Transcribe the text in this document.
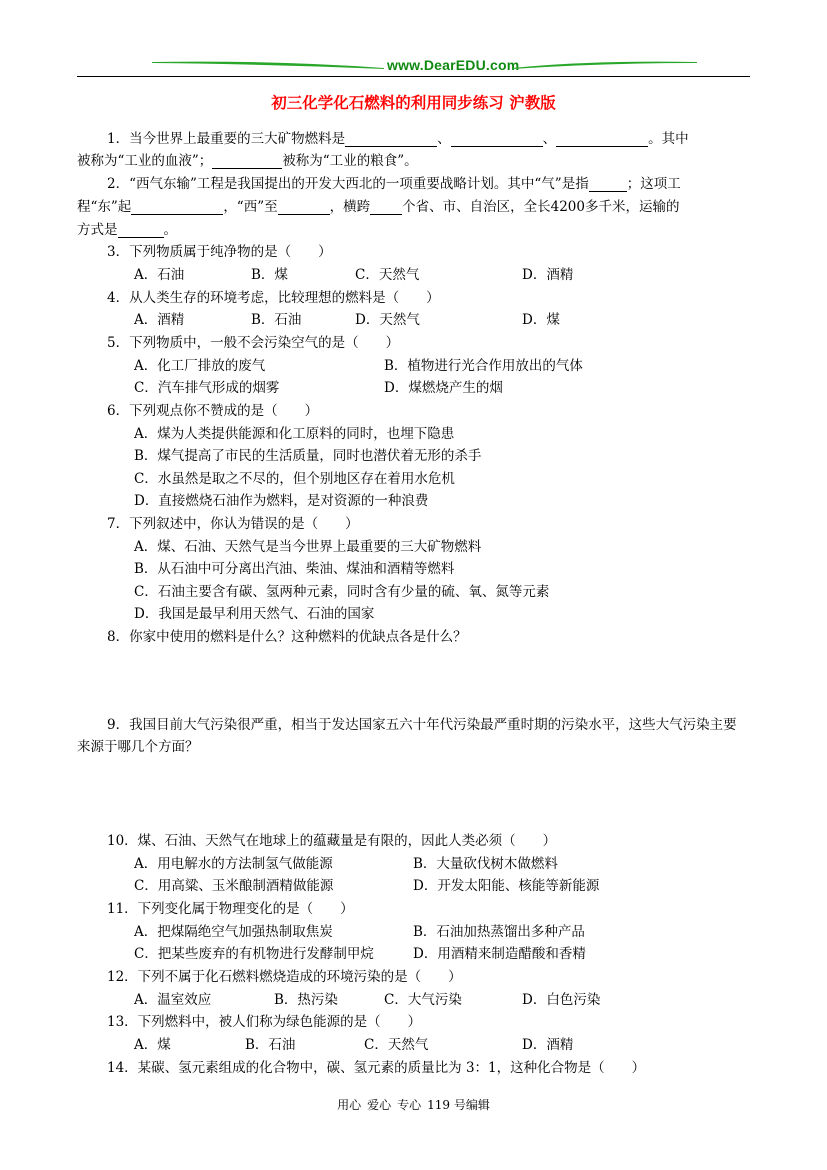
www.DearEDU.com
初三化学化石燃料的利用同步练习 沪教版
1．当今世界上最重要的三大矿物燃料是	、	、	。其中
被称为“工业的血液”；	被称为“工业的粮食”。
2．“西气东输”工程是我国提出的开发大西北的一项重要战略计划。其中“气”是指	；这项工
程“东”起	，“西”至	，横跨 个省、市、自治区，全长4200多千米，运输的
方式是	。
3．下列物质属于纯净物的是（　　）
A．石油	B．煤	C．天然气	D．酒精
4．从人类生存的环境考虑，比较理想的燃料是（　　）
A．酒精	B．石油	D．天然气	D．煤
5．下列物质中，一般不会污染空气的是（　　）
A．化工厂排放的废气	B．植物进行光合作用放出的气体
C．汽车排气形成的烟雾	D．煤燃烧产生的烟
6．下列观点你不赞成的是（　　）
A．煤为人类提供能源和化工原料的同时，也埋下隐患
B．煤气提高了市民的生活质量，同时也潜伏着无形的杀手
C．水虽然是取之不尽的，但个别地区存在着用水危机
D．直接燃烧石油作为燃料，是对资源的一种浪费
7．下列叙述中，你认为错误的是（　　）
A．煤、石油、天然气是当今世界上最重要的三大矿物燃料
B．从石油中可分离出汽油、柴油、煤油和酒精等燃料
C．石油主要含有碳、氢两种元素，同时含有少量的硫、氧、氮等元素
D．我国是最早利用天然气、石油的国家
8．你家中使用的燃料是什么？这种燃料的优缺点各是什么？
9．我国目前大气污染很严重，相当于发达国家五六十年代污染最严重时期的污染水平，这些大气污染主要来源于哪几个方面？
10．煤、石油、天然气在地球上的蕴藏量是有限的，因此人类必须（　　）
A．用电解水的方法制氢气做能源	B．大量砍伐树木做燃料
C．用高粱、玉米酿制酒精做能源	D．开发太阳能、核能等新能源
11．下列变化属于物理变化的是（　　）
A．把煤隔绝空气加强热制取焦炭	B．石油加热蒸馏出多种产品
C．把某些废弃的有机物进行发酵制甲烷	D．用酒精来制造醋酸和香精
12．下列不属于化石燃料燃烧造成的环境污染的是（　　）
A．温室效应	B．热污染	C．大气污染	D．白色污染
13．下列燃料中，被人们称为绿色能源的是（　　）
A．煤	B．石油	C．天然气	D．酒精
14．某碳、氢元素组成的化合物中，碳、氢元素的质量比为 3：1，这种化合物是（　　）
用心 爱心 专心 119 号编辑
